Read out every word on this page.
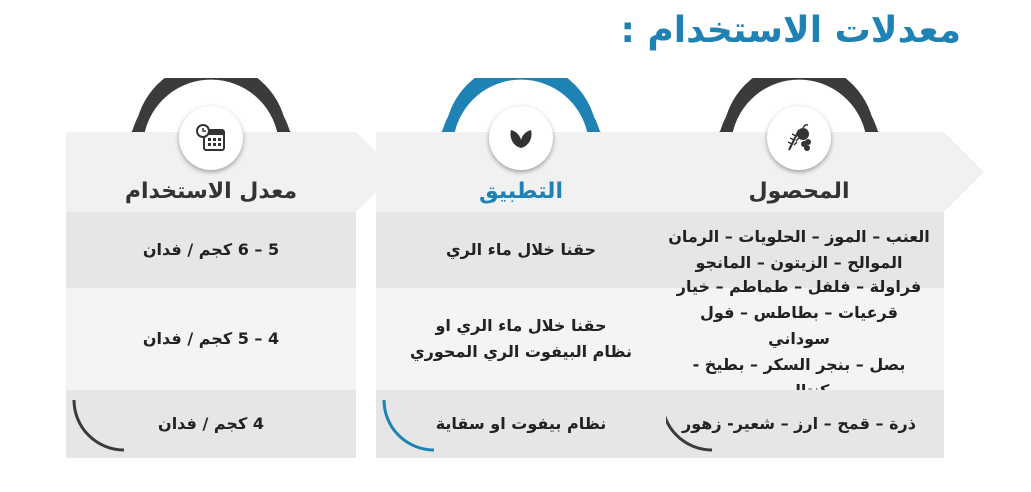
معدلات الاستخدام :
المحصول
العنب – الموز – الحلويات – الرمان
الموالح – الزيتون – المانجو
فراولة – فلفل – طماطم – خيار
قرعيات – بطاطس – فول سوداني
بصل – بنجر السكر – بطيخ -
ذرة – قمح – ارز – شعير- زهور
التطبيق
حقنا خلال ماء الري
حقنا خلال ماء الري او
نظام البيفوت الري المحوري
نظام بيفوت او سقاية
معدل الاستخدام
5 – 6 كجم / فدان
4 – 5 كجم / فدان
4 كجم / فدان
